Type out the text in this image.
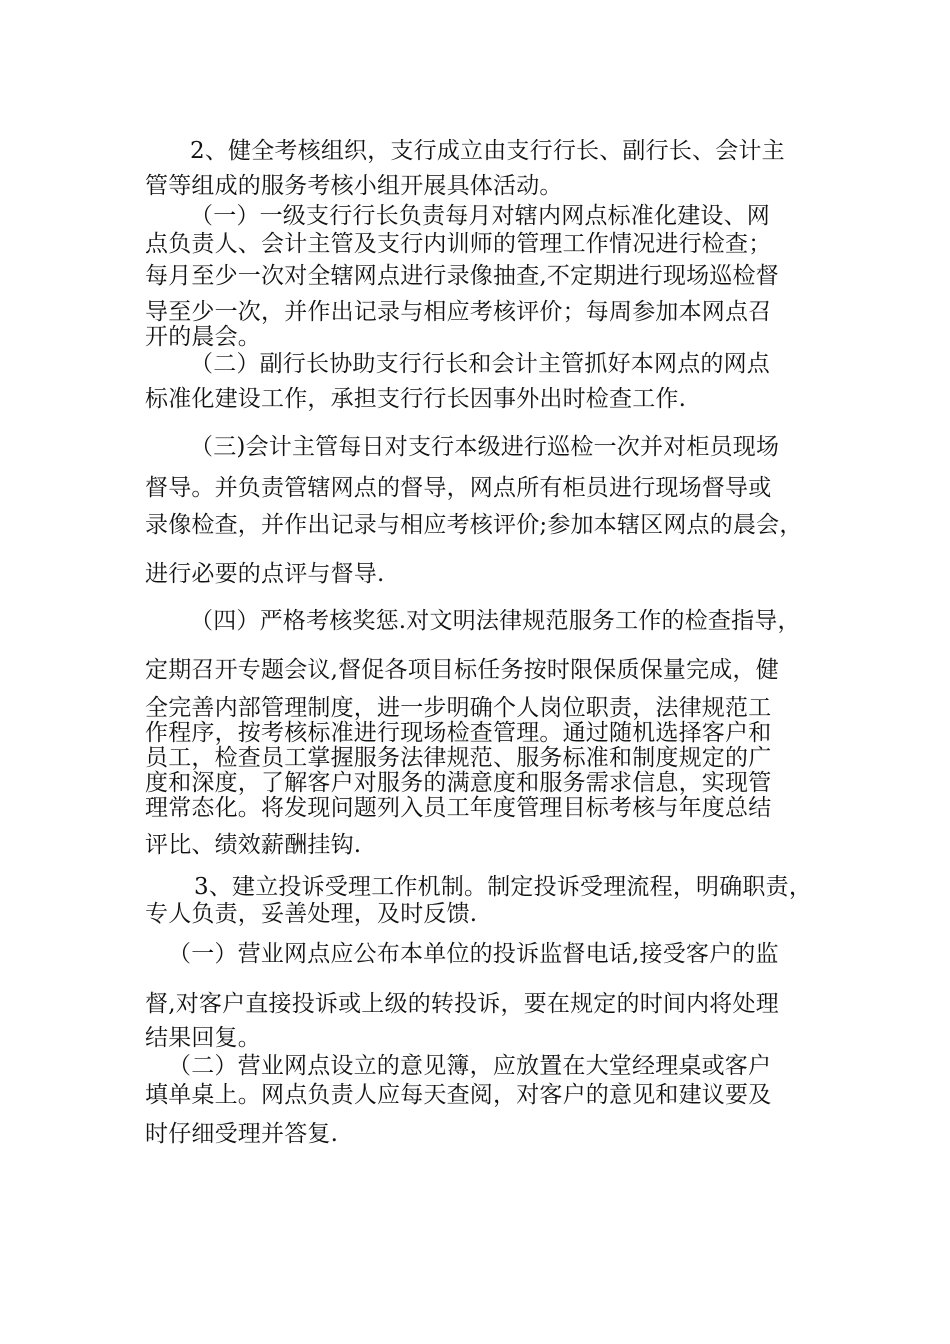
2、健全考核组织，支行成立由支行行长、副行长、会计主
管等组成的服务考核小组开展具体活动。
（一）一级支行行长负责每月对辖内网点标准化建设、网
点负责人、会计主管及支行内训师的管理工作情况进行检查；
每月至少一次对全辖网点进行录像抽查,不定期进行现场巡检督
导至少一次，并作出记录与相应考核评价；每周参加本网点召
开的晨会。
（二）副行长协助支行行长和会计主管抓好本网点的网点
标准化建设工作，承担支行行长因事外出时检查工作.
（三)会计主管每日对支行本级进行巡检一次并对柜员现场
督导。并负责管辖网点的督导，网点所有柜员进行现场督导或
录像检查，并作出记录与相应考核评价;参加本辖区网点的晨会，
进行必要的点评与督导.
（四）严格考核奖惩.对文明法律规范服务工作的检查指导，
定期召开专题会议,督促各项目标任务按时限保质保量完成，健
全完善内部管理制度，进一步明确个人岗位职责，法律规范工
作程序，按考核标准进行现场检查管理。通过随机选择客户和
员工，检查员工掌握服务法律规范、服务标准和制度规定的广
度和深度，了解客户对服务的满意度和服务需求信息，实现管
理常态化。将发现问题列入员工年度管理目标考核与年度总结
评比、绩效薪酬挂钩.
3、建立投诉受理工作机制。制定投诉受理流程，明确职责，
专人负责，妥善处理，及时反馈.
（一）营业网点应公布本单位的投诉监督电话,接受客户的监
督,对客户直接投诉或上级的转投诉，要在规定的时间内将处理
结果回复。
（二）营业网点设立的意见簿，应放置在大堂经理桌或客户
填单桌上。网点负责人应每天查阅，对客户的意见和建议要及
时仔细受理并答复.
